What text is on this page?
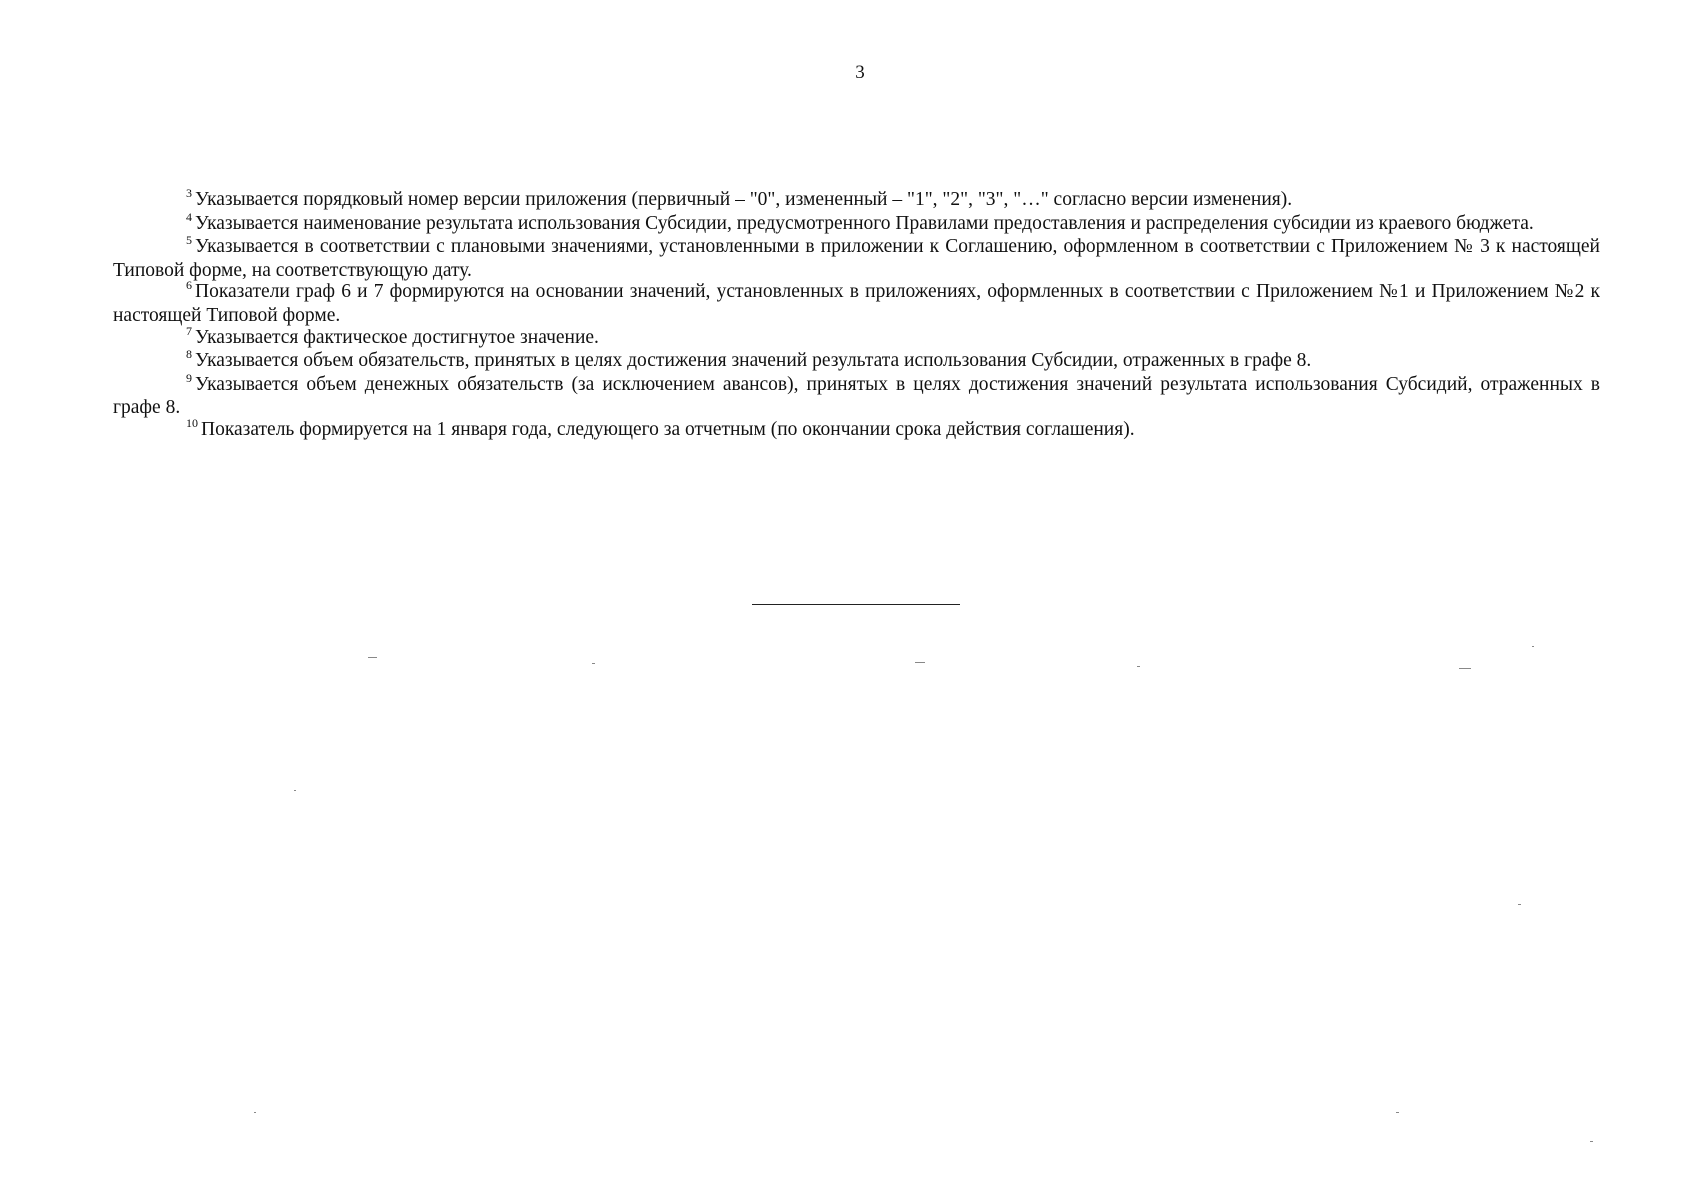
3

$^3$ Указывается порядковый номер версии приложения (первичный – "0", измененный – "1", "2", "3", "…" согласно версии изменения).

$^4$ Указывается наименование результата использования Субсидии, предусмотренного Правилами предоставления и распределения субсидии из краевого бюджета.

$^5$ Указывается в соответствии с плановыми значениями, установленными в приложении к Соглашению, оформленном в соответствии с Приложением № 3 к настоящей Типовой форме, на соответствующую дату.

$^6$ Показатели граф 6 и 7 формируются на основании значений, установленных в приложениях, оформленных в соответствии с Приложением №1 и Приложением №2 к настоящей Типовой форме.

$^7$ Указывается фактическое достигнутое значение.

$^8$ Указывается объем обязательств, принятых в целях достижения значений результата использования Субсидии, отраженных в графе 8.

$^9$ Указывается объем денежных обязательств (за исключением авансов), принятых в целях достижения значений результата использования Субсидий, отраженных в графе 8.

$^{10}$ Показатель формируется на 1 января года, следующего за отчетным (по окончании срока действия соглашения).
